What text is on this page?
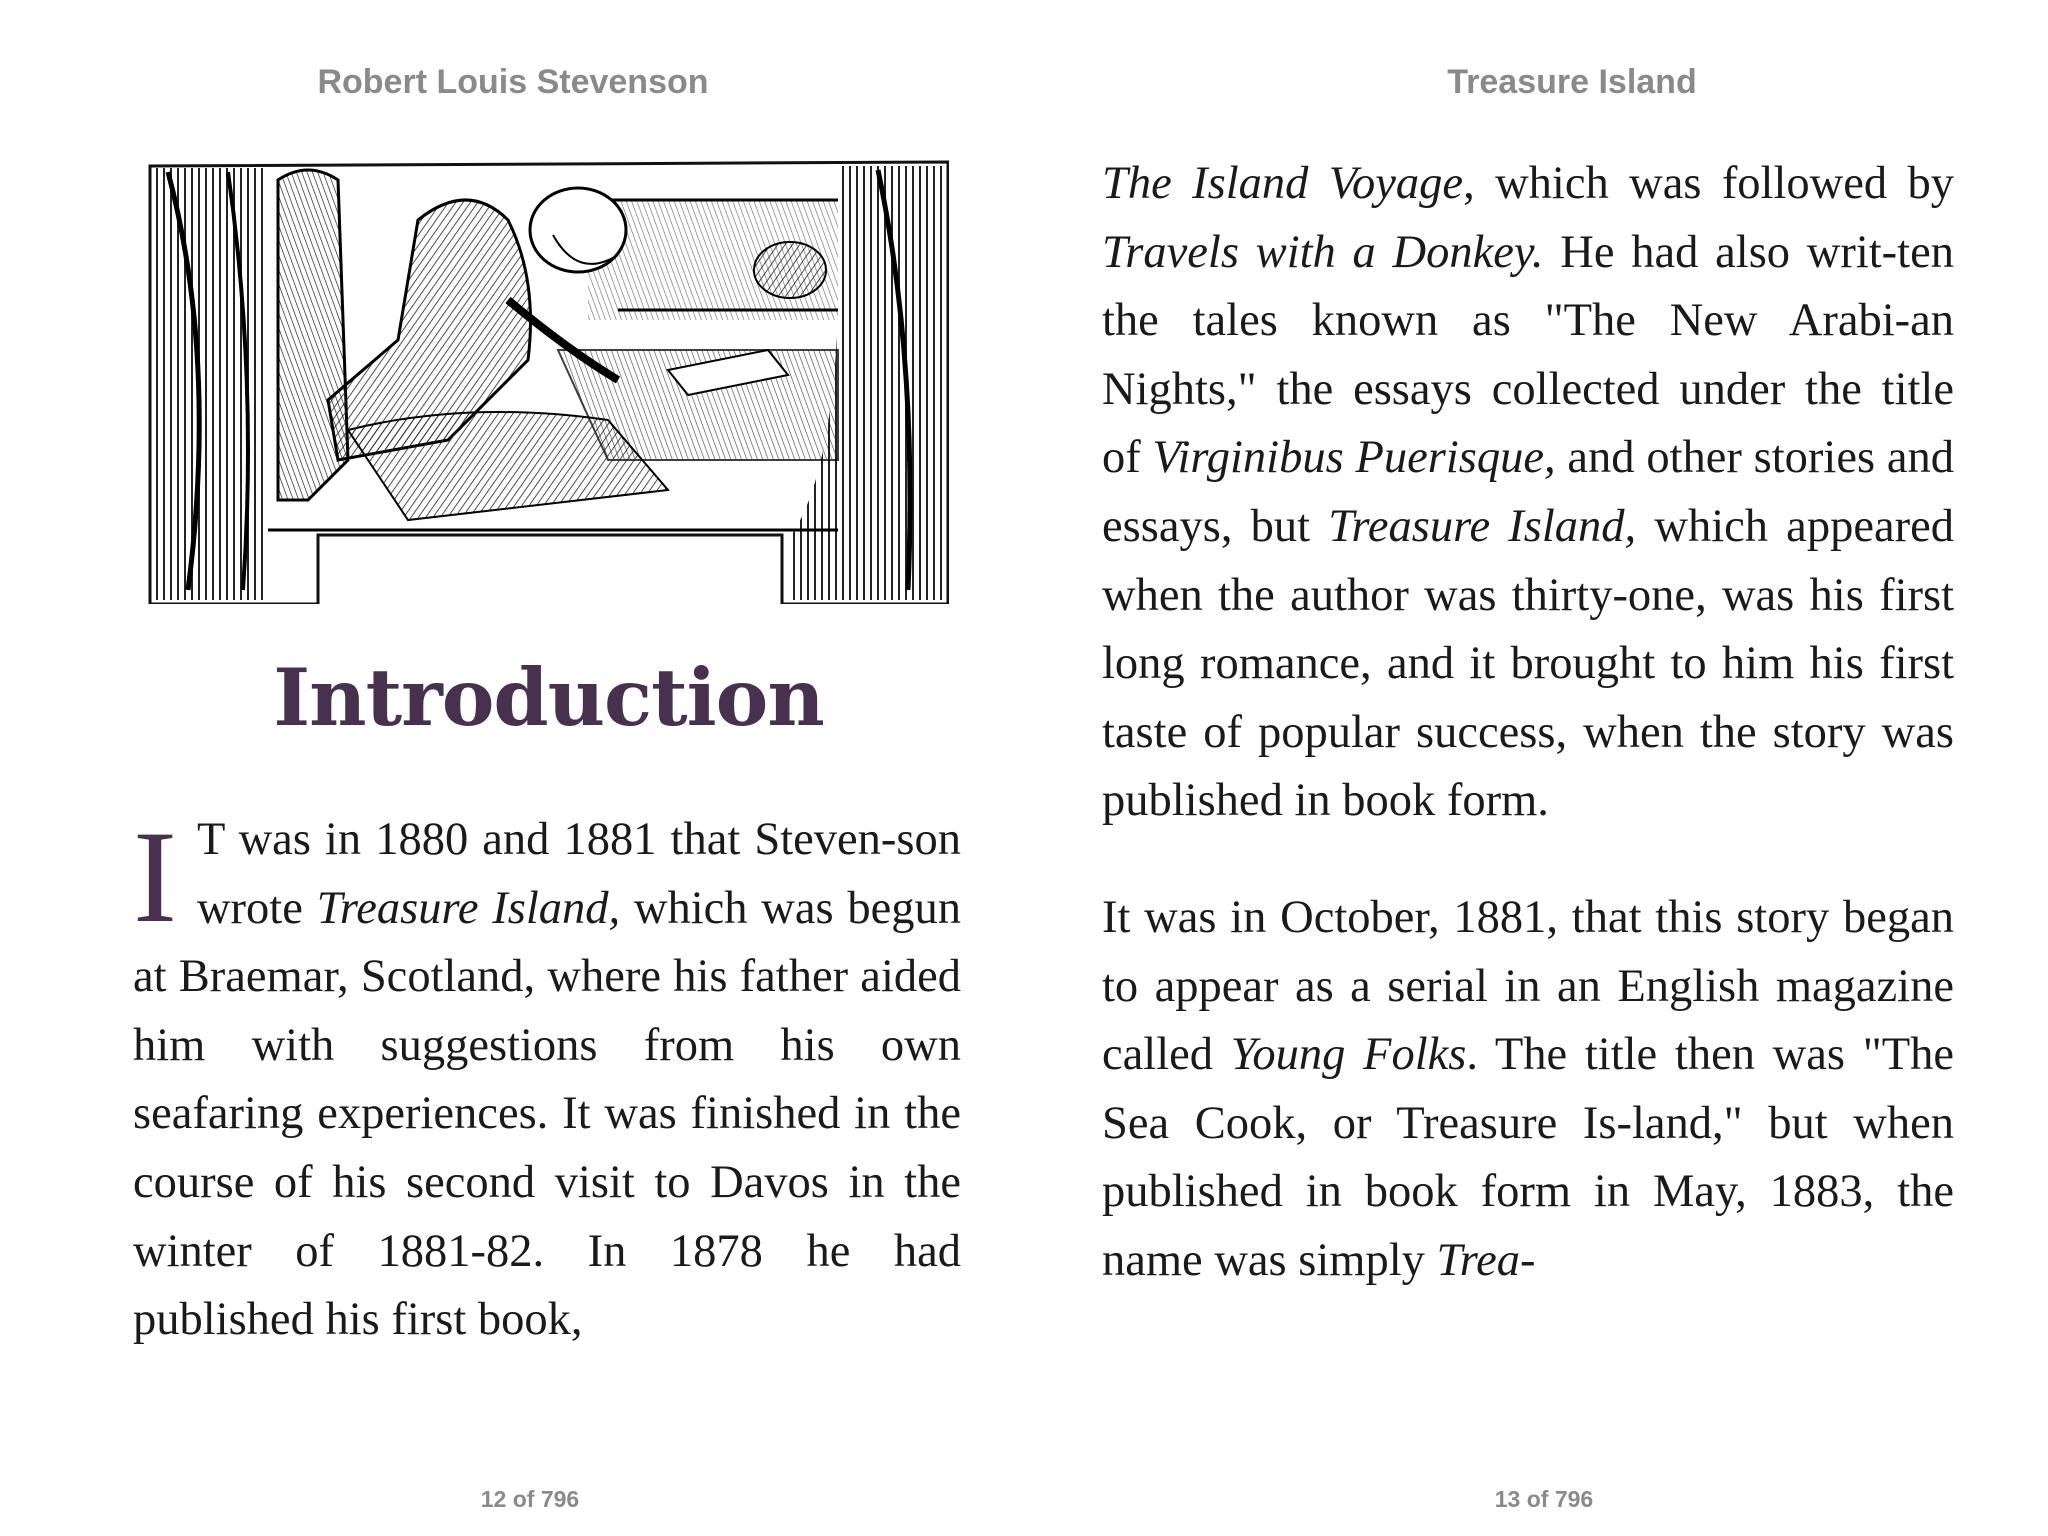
Robert Louis Stevenson
Introduction

I T was in 1880 and 1881 that Steven-son wrote Treasure Island, which was begun at Braemar, Scotland, where his father aided him with suggestions from his own seafaring experiences. It was finished in the course of his second visit to Davos in the winter of 1881-82. In 1878 he had published his first book,

12 of 796
Treasure Island

The Island Voyage, which was followed by Travels with a Donkey. He had also writ-ten the tales known as "The New Arabi-an Nights," the essays collected under the title of Virginibus Puerisque, and other stories and essays, but Treasure Island, which appeared when the author was thirty-one, was his first long romance, and it brought to him his first taste of popular success, when the story was published in book form.

It was in October, 1881, that this story began to appear as a serial in an English magazine called Young Folks. The title then was "The Sea Cook, or Treasure Is-land," but when published in book form in May, 1883, the name was simply Trea-

13 of 796
